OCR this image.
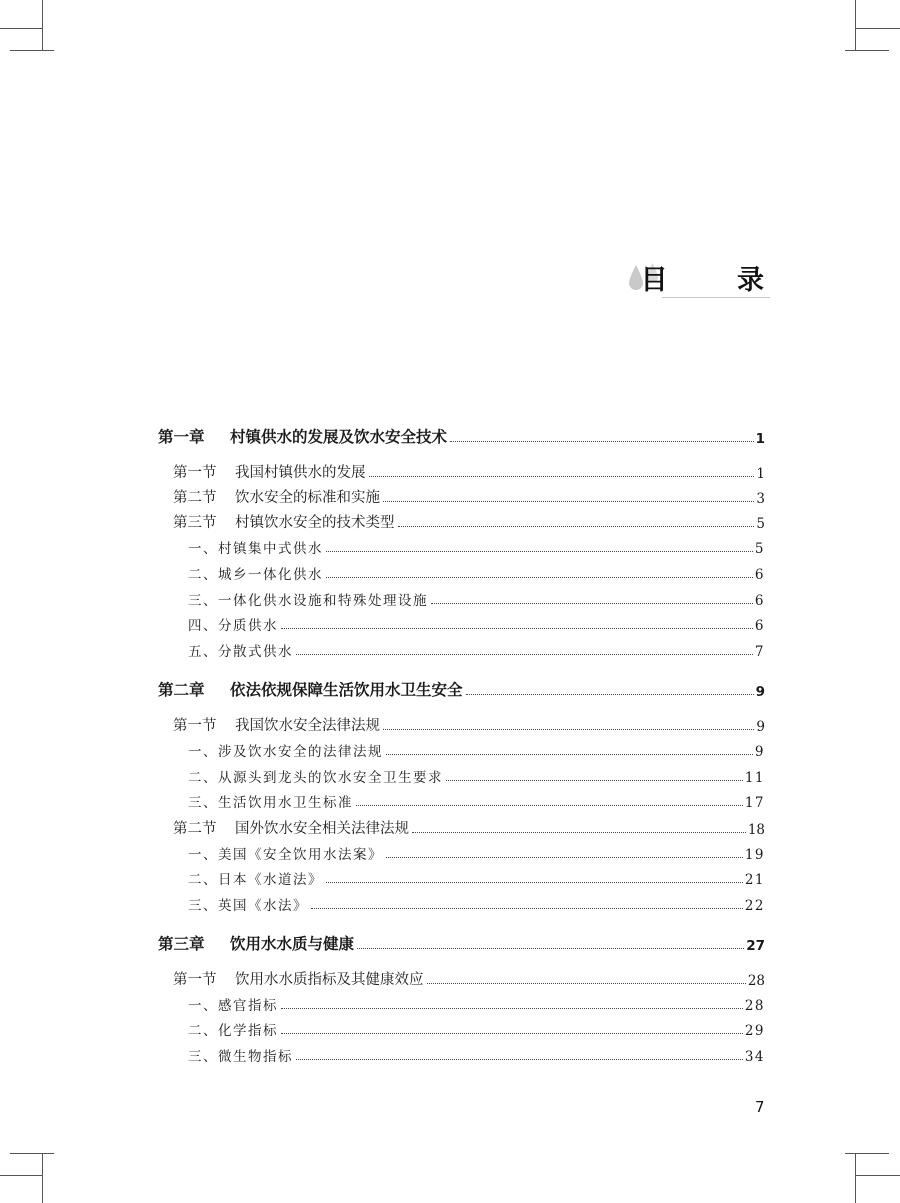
目 录
第一章	村镇供水的发展及饮水安全技术	1
第一节	我国村镇供水的发展	1
第二节	饮水安全的标准和实施	3
第三节	村镇饮水安全的技术类型	5
一、村镇集中式供水	5
二、城乡一体化供水	6
三、一体化供水设施和特殊处理设施	6
四、分质供水	6
五、分散式供水	7
第二章	依法依规保障生活饮用水卫生安全	9
第一节	我国饮水安全法律法规	9
一、涉及饮水安全的法律法规	9
二、从源头到龙头的饮水安全卫生要求	11
三、生活饮用水卫生标准	17
第二节	国外饮水安全相关法律法规	18
一、美国《安全饮用水法案》	19
二、日本《水道法》	21
三、英国《水法》	22
第三章	饮用水水质与健康	27
第一节	饮用水水质指标及其健康效应	28
一、感官指标	28
二、化学指标	29
三、微生物指标	34
7
